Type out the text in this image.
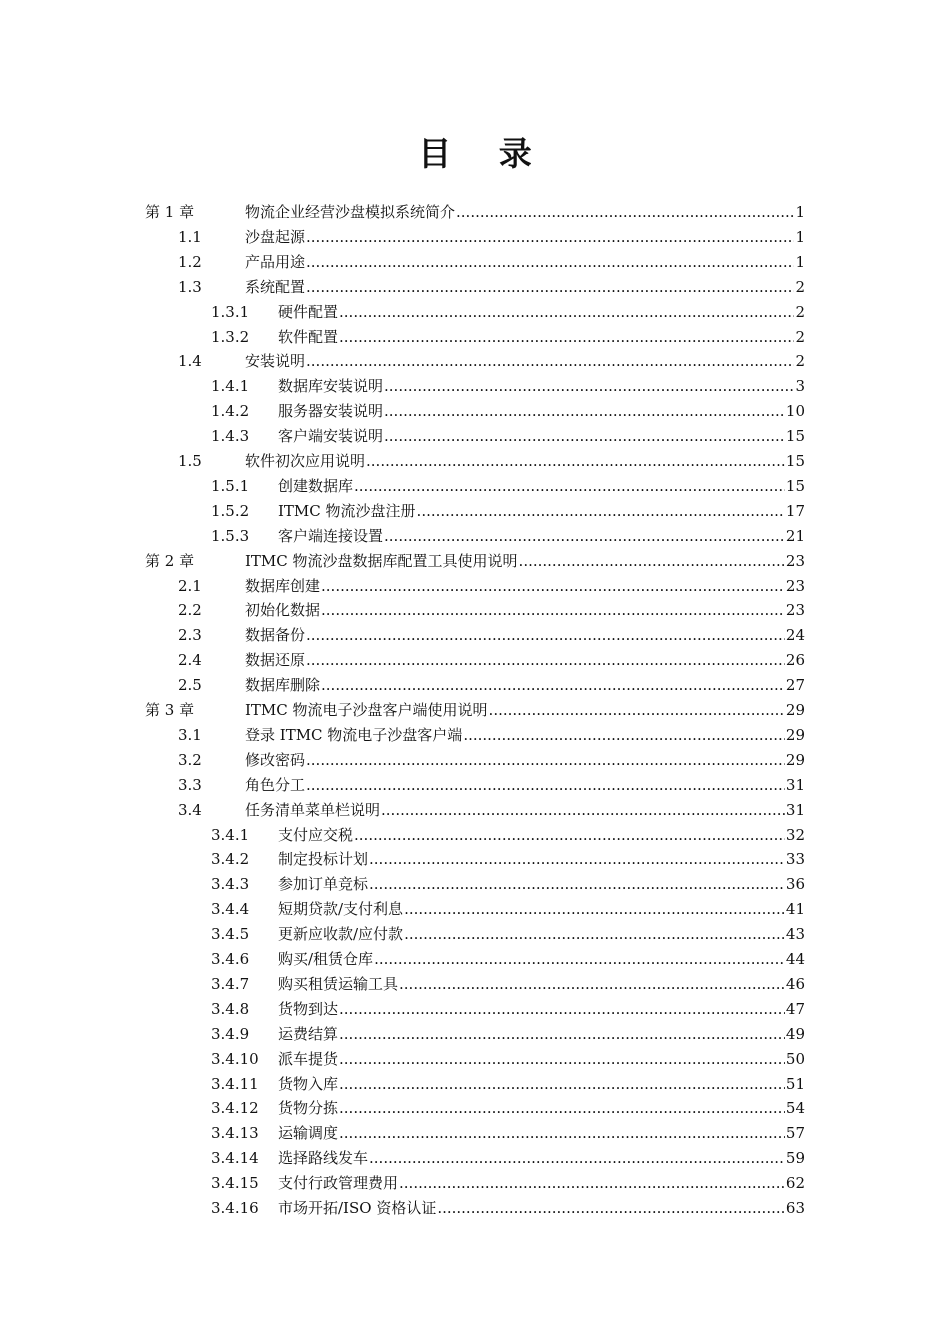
目 录
第 1 章	物流企业经营沙盘模拟系统简介 .....	1
1.1	沙盘起源 .....	1
1.2	产品用途 .....	1
1.3	系统配置 .....	2
1.3.1 硬件配置 .....	2
1.3.2 软件配置 .....	2
1.4	安装说明 .....	2
1.4.1 数据库安装说明 .....	3
1.4.2 服务器安装说明 .....	10
1.4.3 客户端安装说明 .....	15
1.5	软件初次应用说明 .....	15
1.5.1 创建数据库 .....	15
1.5.2 ITMC 物流沙盘注册 .....	17
1.5.3 客户端连接设置 .....	21
第 2 章	ITMC 物流沙盘数据库配置工具使用说明 .....	23
2.1	数据库创建 .....	23
2.2	初始化数据 .....	23
2.3	数据备份 .....	24
2.4	数据还原 .....	26
2.5	数据库删除 .....	27
第 3 章	ITMC 物流电子沙盘客户端使用说明 .....	29
3.1	登录 ITMC 物流电子沙盘客户端 .....	29
3.2	修改密码 .....	29
3.3	角色分工 .....	31
3.4	任务清单菜单栏说明 .....	31
3.4.1 支付应交税 .....	32
3.4.2 制定投标计划 .....	33
3.4.3 参加订单竞标 .....	36
3.4.4 短期贷款/支付利息 .....	41
3.4.5 更新应收款/应付款 .....	43
3.4.6 购买/租赁仓库 .....	44
3.4.7 购买租赁运输工具 .....	46
3.4.8 货物到达 .....	47
3.4.9 运费结算 .....	49
3.4.10 派车提货 .....	50
3.4.11 货物入库 .....	51
3.4.12 货物分拣 .....	54
3.4.13 运输调度 .....	57
3.4.14 选择路线发车 .....	59
3.4.15 支付行政管理费用 .....	62
3.4.16 市场开拓/ISO 资格认证 .....	63
